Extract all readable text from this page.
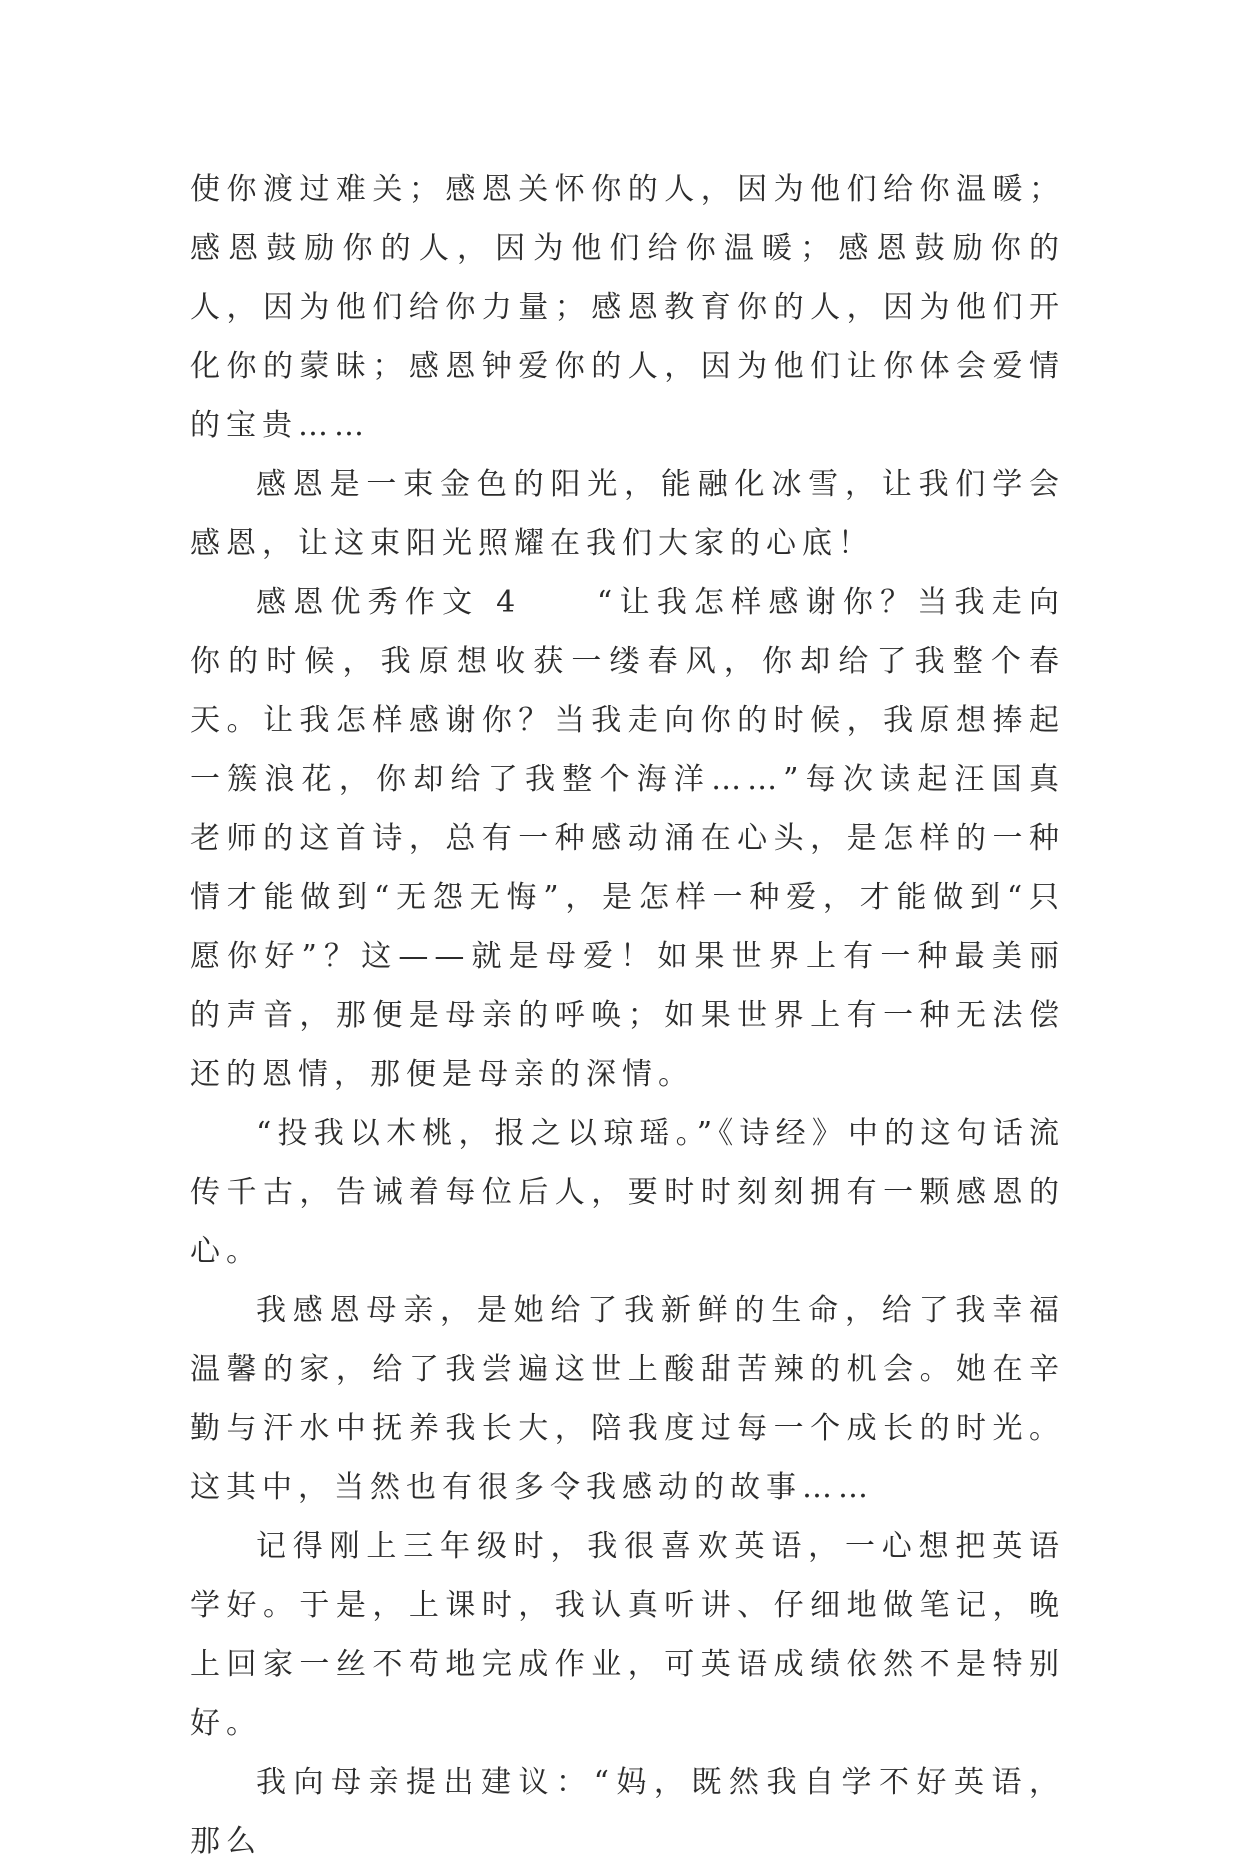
使你渡过难关；感恩关怀你的人，因为他们给你温暖；感恩鼓励你的人，因为他们给你温暖；感恩鼓励你的人，因为他们给你力量；感恩教育你的人，因为他们开化你的蒙昧；感恩钟爱你的人，因为他们让你体会爱情的宝贵……

感恩是一束金色的阳光，能融化冰雪，让我们学会感恩，让这束阳光照耀在我们大家的心底！

感恩优秀作文 4　　“让我怎样感谢你？当我走向你的时候，我原想收获一缕春风，你却给了我整个春天。让我怎样感谢你？当我走向你的时候，我原想捧起一簇浪花，你却给了我整个海洋……”每次读起汪国真老师的这首诗，总有一种感动涌在心头，是怎样的一种情才能做到“无怨无悔”，是怎样一种爱，才能做到“只愿你好”？这——就是母爱！如果世界上有一种最美丽的声音，那便是母亲的呼唤；如果世界上有一种无法偿还的恩情，那便是母亲的深情。

“投我以木桃，报之以琼瑶。”《诗经》中的这句话流传千古，告诫着每位后人，要时时刻刻拥有一颗感恩的心。

我感恩母亲，是她给了我新鲜的生命，给了我幸福温馨的家，给了我尝遍这世上酸甜苦辣的机会。她在辛勤与汗水中抚养我长大，陪我度过每一个成长的时光。这其中，当然也有很多令我感动的故事……

记得刚上三年级时，我很喜欢英语，一心想把英语学好。于是，上课时，我认真听讲、仔细地做笔记，晚上回家一丝不苟地完成作业，可英语成绩依然不是特别好。

我向母亲提出建议：“妈，既然我自学不好英语，那么
